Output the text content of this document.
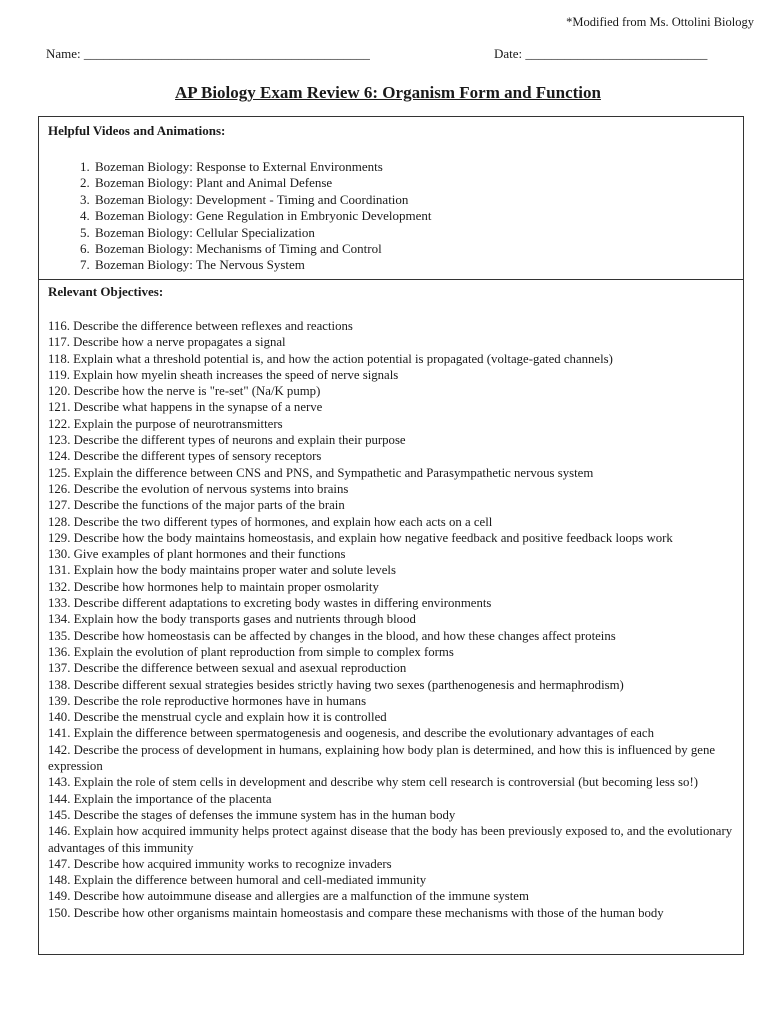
*Modified from Ms. Ottolini Biology
Name: ____________________________________________	Date: ____________________________
AP Biology Exam Review 6: Organism Form and Function
Helpful Videos and Animations:
1. Bozeman Biology: Response to External Environments
2. Bozeman Biology: Plant and Animal Defense
3. Bozeman Biology: Development - Timing and Coordination
4. Bozeman Biology: Gene Regulation in Embryonic Development
5. Bozeman Biology: Cellular Specialization
6. Bozeman Biology: Mechanisms of Timing and Control
7. Bozeman Biology: The Nervous System
Relevant Objectives:
116. Describe the difference between reflexes and reactions
117. Describe how a nerve propagates a signal
118. Explain what a threshold potential is, and how the action potential is propagated (voltage-gated channels)
119. Explain how myelin sheath increases the speed of nerve signals
120. Describe how the nerve is "re-set" (Na/K pump)
121. Describe what happens in the synapse of a nerve
122. Explain the purpose of neurotransmitters
123. Describe the different types of neurons and explain their purpose
124. Describe the different types of sensory receptors
125. Explain the difference between CNS and PNS, and Sympathetic and Parasympathetic nervous system
126. Describe the evolution of nervous systems into brains
127. Describe the functions of the major parts of the brain
128. Describe the two different types of hormones, and explain how each acts on a cell
129. Describe how the body maintains homeostasis, and explain how negative feedback and positive feedback loops work
130. Give examples of plant hormones and their functions
131. Explain how the body maintains proper water and solute levels
132. Describe how hormones help to maintain proper osmolarity
133. Describe different adaptations to excreting body wastes in differing environments
134. Explain how the body transports gases and nutrients through blood
135. Describe how homeostasis can be affected by changes in the blood, and how these changes affect proteins
136. Explain the evolution of plant reproduction from simple to complex forms
137. Describe the difference between sexual and asexual reproduction
138. Describe different sexual strategies besides strictly having two sexes (parthenogenesis and hermaphrodism)
139. Describe the role reproductive hormones have in humans
140. Describe the menstrual cycle and explain how it is controlled
141. Explain the difference between spermatogenesis and oogenesis, and describe the evolutionary advantages of each
142. Describe the process of development in humans, explaining how body plan is determined, and how this is influenced by gene expression
143. Explain the role of stem cells in development and describe why stem cell research is controversial (but becoming less so!)
144. Explain the importance of the placenta
145. Describe the stages of defenses the immune system has in the human body
146. Explain how acquired immunity helps protect against disease that the body has been previously exposed to, and the evolutionary advantages of this immunity
147. Describe how acquired immunity works to recognize invaders
148. Explain the difference between humoral and cell-mediated immunity
149. Describe how autoimmune disease and allergies are a malfunction of the immune system
150. Describe how other organisms maintain homeostasis and compare these mechanisms with those of the human body
